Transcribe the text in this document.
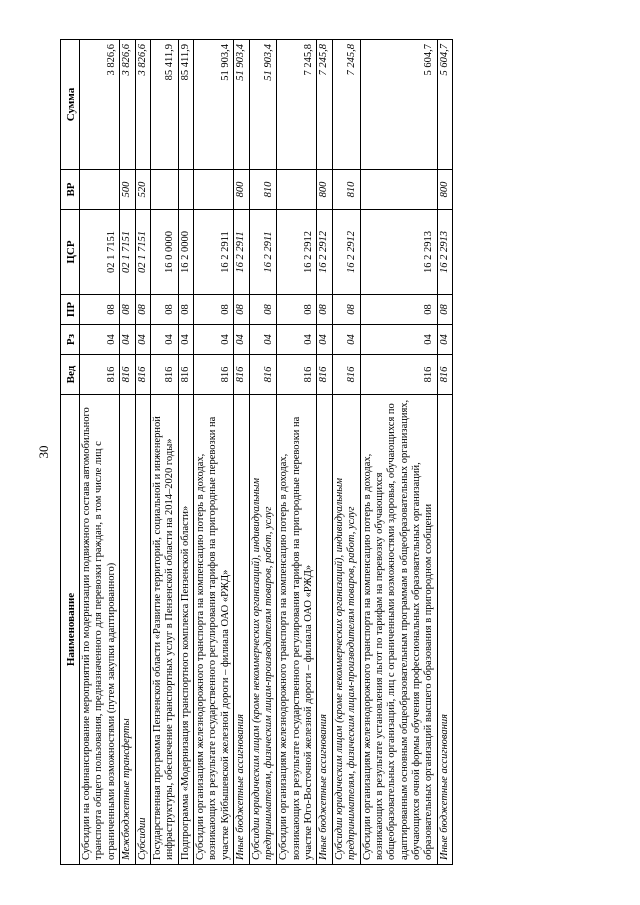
30
Наименование	Вед	Рз	ПР	ЦСР	ВР	Сумма
Субсидии на софинансирование мероприятий по модернизации подвижного состава автомобильного транспорта общего пользования, предназначенного для перевозки граждан, в том числе лиц с ограниченными возможностями (путем закупки адаптированного)	816	04	08	02 1 7151		3 826,6
Межбюджетные трансферты	816	04	08	02 1 7151	500	3 826,6
Субсидии	816	04	08	02 1 7151	520	3 826,6
Государственная программа Пензенской области «Развитие территорий, социальной и инженерной инфраструктуры, обеспечение транспортных услуг в Пензенской области на 2014–2020 годы»	816	04	08	16 0 0000		85 411,9
Подпрограмма «Модернизация транспортного комплекса Пензенской области»	816	04	08	16 2 0000		85 411,9
Субсидии организациям железнодорожного транспорта на компенсацию потерь в доходах, возникающих в результате государственного регулирования тарифов на пригородные перевозки на участке Куйбышевской железной дороги – филиала ОАО «РЖД»	816	04	08	16 2 2911		51 903,4
Иные бюджетные ассигнования	816	04	08	16 2 2911	800	51 903,4
Субсидии юридическим лицам (кроме некоммерческих организаций), индивидуальным предпринимателям, физическим лицам-производителям товаров, работ, услуг	816	04	08	16 2 2911	810	51 903,4
Субсидии организациям железнодорожного транспорта на компенсацию потерь в доходах, возникающих в результате государственного регулирования тарифов на пригородные перевозки на участке Юго-Восточной железной дороги – филиала ОАО «РЖД»	816	04	08	16 2 2912		7 245,8
Иные бюджетные ассигнования	816	04	08	16 2 2912	800	7 245,8
Субсидии юридическим лицам (кроме некоммерческих организаций), индивидуальным предпринимателям, физическим лицам-производителям товаров, работ, услуг	816	04	08	16 2 2912	810	7 245,8
Субсидии организациям железнодорожного транспорта на компенсацию потерь в доходах, возникающих в результате установления льгот по тарифам на перевозку обучающихся общеобразовательных организаций, лиц с ограниченными возможностями здоровья, обучающихся по адаптированным основным общеобразовательным программам в общеобразовательных организациях, обучающихся очной формы обучения профессиональных образовательных организаций, образовательных организаций высшего образования в пригородном сообщении	816	04	08	16 2 2913		5 604,7
Иные бюджетные ассигнования	816	04	08	16 2 2913	800	5 604,7
